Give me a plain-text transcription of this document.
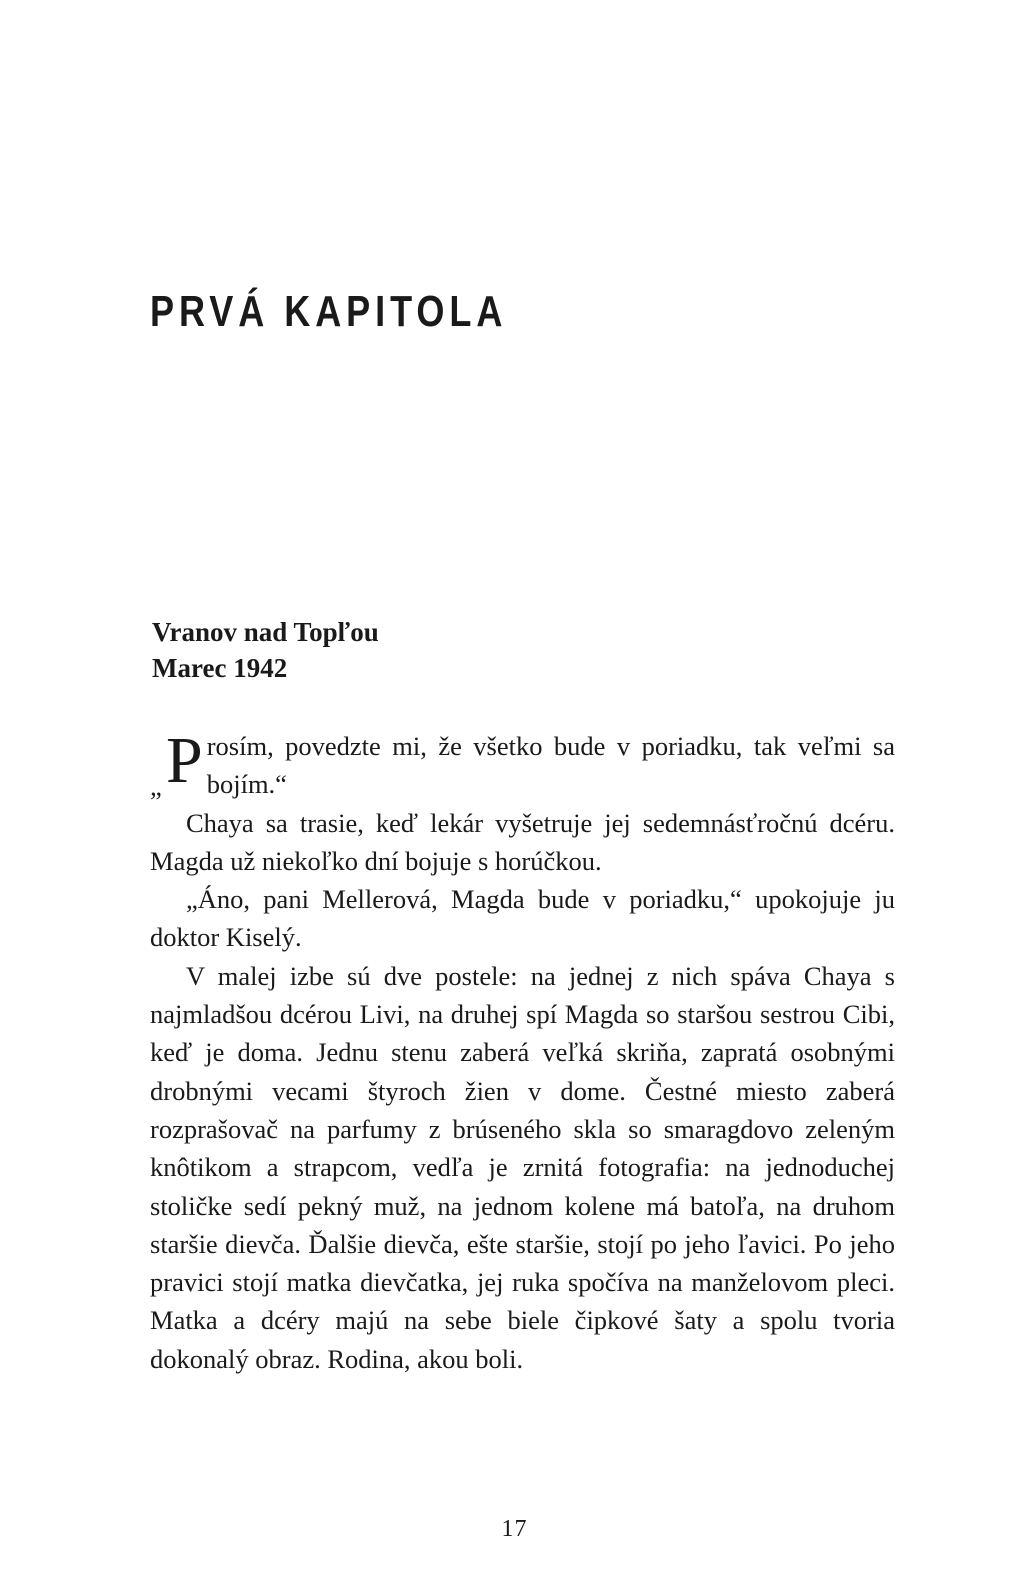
PRVÁ KAPITOLA
Vranov nad Topľou
Marec 1942

„ P rosím, povedzte mi, že všetko bude v poriadku, tak veľmi sa bojím.“

Chaya sa trasie, keď lekár vyšetruje jej sedemnásťročnú dcéru. Magda už niekoľko dní bojuje s horúčkou.

„Áno, pani Mellerová, Magda bude v poriadku,“ upokojuje ju doktor Kiselý.

V malej izbe sú dve postele: na jednej z nich spáva Chaya s najmladšou dcérou Livi, na druhej spí Magda so staršou sestrou Cibi, keď je doma. Jednu stenu zaberá veľká skriňa, zapratá osobnými drobnými vecami štyroch žien v dome. Čestné miesto zaberá rozprašovač na parfumy z brúseného skla so smaragdovo zeleným knôtikom a strapcom, vedľa je zrnitá fotografia: na jednoduchej stoličke sedí pekný muž, na jednom kolene má batoľa, na druhom staršie dievča. Ďalšie dievča, ešte staršie, stojí po jeho ľavici. Po jeho pravici stojí matka dievčatka, jej ruka spočíva na manželovom pleci. Matka a dcéry majú na sebe biele čipkové šaty a spolu tvoria dokonalý obraz. Rodina, akou boli.

17
